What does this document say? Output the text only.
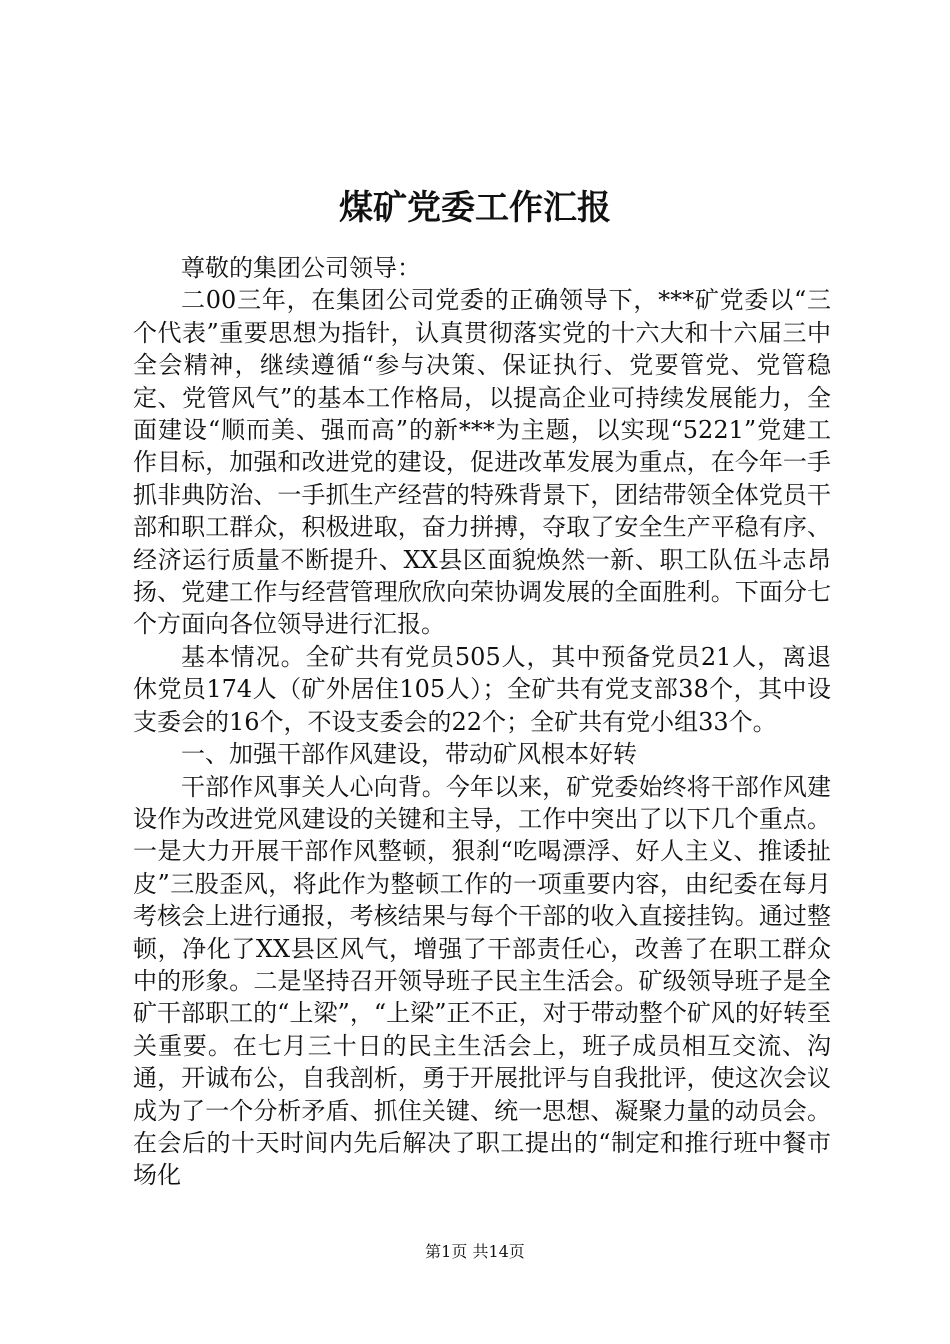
煤矿党委工作汇报

尊敬的集团公司领导：

二00三年，在集团公司党委的正确领导下，***矿党委以“三个代表”重要思想为指针，认真贯彻落实党的十六大和十六届三中全会精神，继续遵循“参与决策、保证执行、党要管党、党管稳定、党管风气”的基本工作格局，以提高企业可持续发展能力，全面建设“顺而美、强而高”的新***为主题，以实现“5221”党建工作目标，加强和改进党的建设，促进改革发展为重点，在今年一手抓非典防治、一手抓生产经营的特殊背景下，团结带领全体党员干部和职工群众，积极进取，奋力拼搏，夺取了安全生产平稳有序、经济运行质量不断提升、XX县区面貌焕然一新、职工队伍斗志昂扬、党建工作与经营管理欣欣向荣协调发展的全面胜利。下面分七个方面向各位领导进行汇报。

基本情况。全矿共有党员505人，其中预备党员21人，离退休党员174人（矿外居住105人）；全矿共有党支部38个，其中设支委会的16个，不设支委会的22个；全矿共有党小组33个。

一、加强干部作风建设，带动矿风根本好转

干部作风事关人心向背。今年以来，矿党委始终将干部作风建设作为改进党风建设的关键和主导，工作中突出了以下几个重点。一是大力开展干部作风整顿，狠刹“吃喝漂浮、好人主义、推诿扯皮”三股歪风，将此作为整顿工作的一项重要内容，由纪委在每月考核会上进行通报，考核结果与每个干部的收入直接挂钩。通过整顿，净化了XX县区风气，增强了干部责任心，改善了在职工群众中的形象。二是坚持召开领导班子民主生活会。矿级领导班子是全矿干部职工的“上梁”，“上梁”正不正，对于带动整个矿风的好转至关重要。在七月三十日的民主生活会上，班子成员相互交流、沟通，开诚布公，自我剖析，勇于开展批评与自我批评，使这次会议成为了一个分析矛盾、抓住关键、统一思想、凝聚力量的动员会。在会后的十天时间内先后解决了职工提出的“制定和推行班中餐市场化

第1页 共14页
